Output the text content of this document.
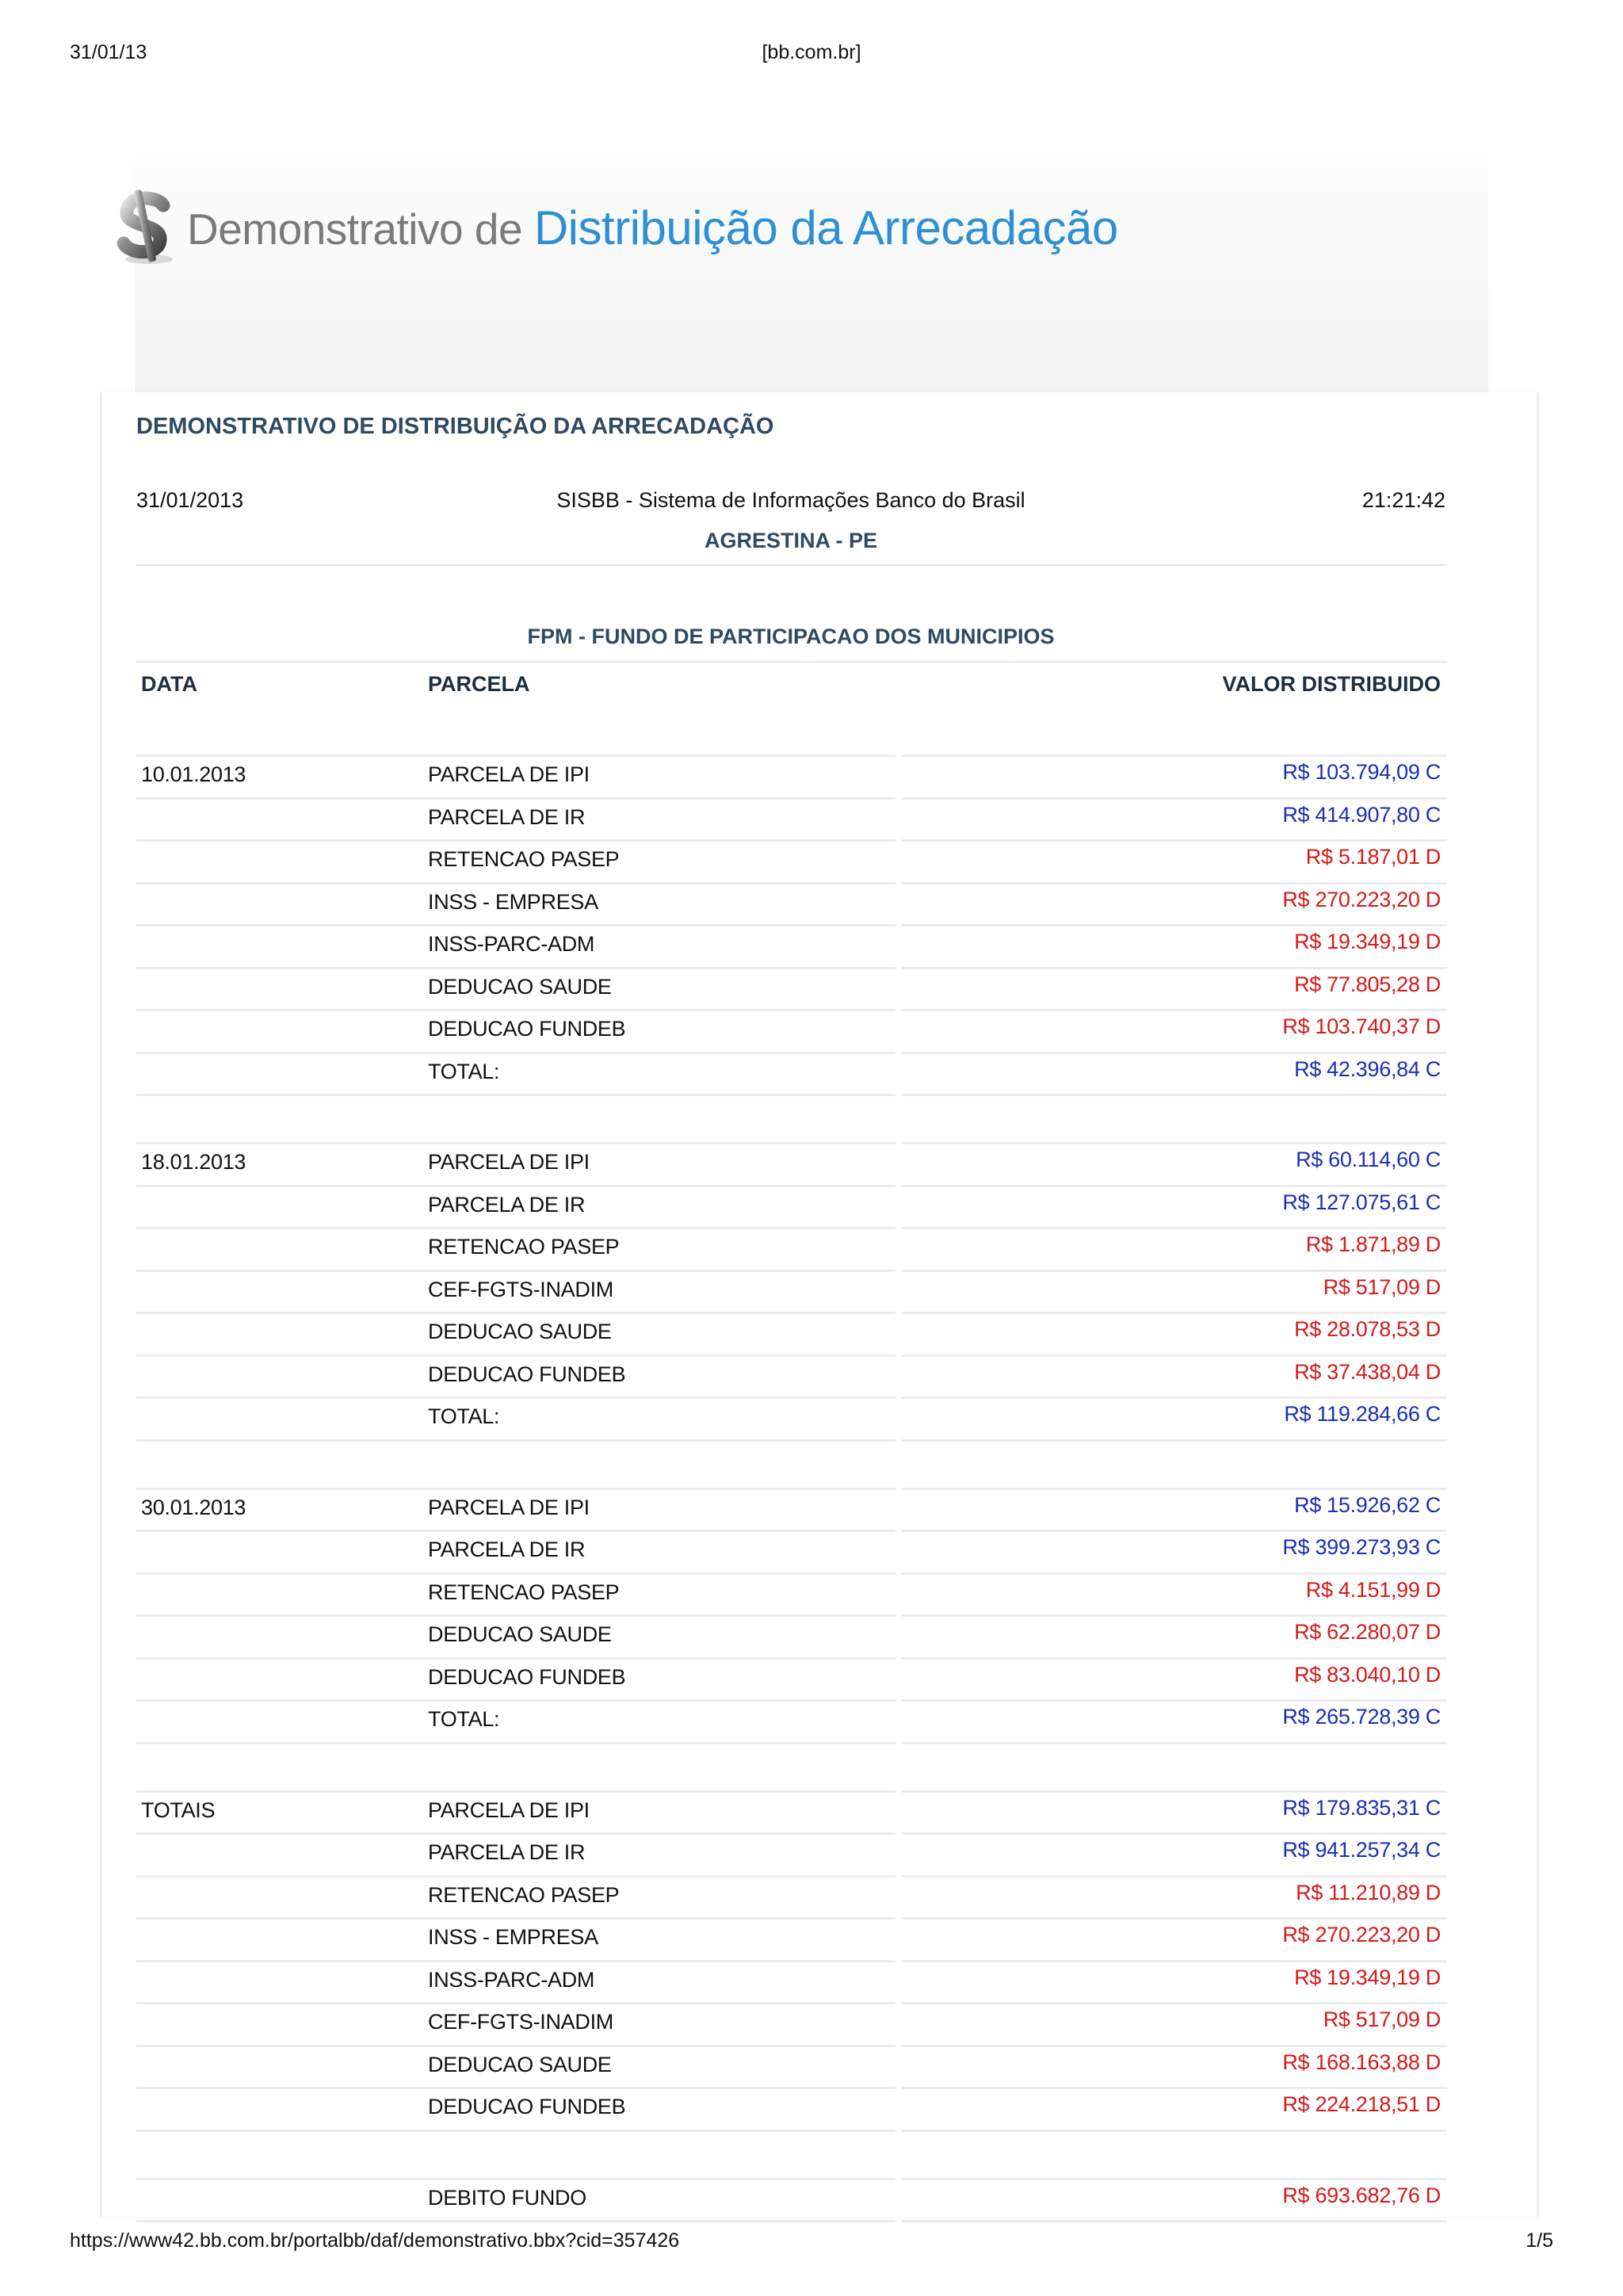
31/01/13	[bb.com.br]
Demonstrativo de Distribuição da Arrecadação
DEMONSTRATIVO DE DISTRIBUIÇÃO DA ARRECADAÇÃO
31/01/2013	SISBB - Sistema de Informações Banco do Brasil	21:21:42
AGRESTINA - PE
FPM - FUNDO DE PARTICIPACAO DOS MUNICIPIOS
DATA	PARCELA	VALOR DISTRIBUIDO
10.01.2013	PARCELA DE IPI	R$ 103.794,09 C
PARCELA DE IR	R$ 414.907,80 C
RETENCAO PASEP	R$ 5.187,01 D
INSS - EMPRESA	R$ 270.223,20 D
INSS-PARC-ADM	R$ 19.349,19 D
DEDUCAO SAUDE	R$ 77.805,28 D
DEDUCAO FUNDEB	R$ 103.740,37 D
TOTAL:	R$ 42.396,84 C
18.01.2013	PARCELA DE IPI	R$ 60.114,60 C
PARCELA DE IR	R$ 127.075,61 C
RETENCAO PASEP	R$ 1.871,89 D
CEF-FGTS-INADIM	R$ 517,09 D
DEDUCAO SAUDE	R$ 28.078,53 D
DEDUCAO FUNDEB	R$ 37.438,04 D
TOTAL:	R$ 119.284,66 C
30.01.2013	PARCELA DE IPI	R$ 15.926,62 C
PARCELA DE IR	R$ 399.273,93 C
RETENCAO PASEP	R$ 4.151,99 D
DEDUCAO SAUDE	R$ 62.280,07 D
DEDUCAO FUNDEB	R$ 83.040,10 D
TOTAL:	R$ 265.728,39 C
TOTAIS	PARCELA DE IPI	R$ 179.835,31 C
PARCELA DE IR	R$ 941.257,34 C
RETENCAO PASEP	R$ 11.210,89 D
INSS - EMPRESA	R$ 270.223,20 D
INSS-PARC-ADM	R$ 19.349,19 D
CEF-FGTS-INADIM	R$ 517,09 D
DEDUCAO SAUDE	R$ 168.163,88 D
DEDUCAO FUNDEB	R$ 224.218,51 D
DEBITO FUNDO	R$ 693.682,76 D
https://www42.bb.com.br/portalbb/daf/demonstrativo.bbx?cid=357426	1/5
